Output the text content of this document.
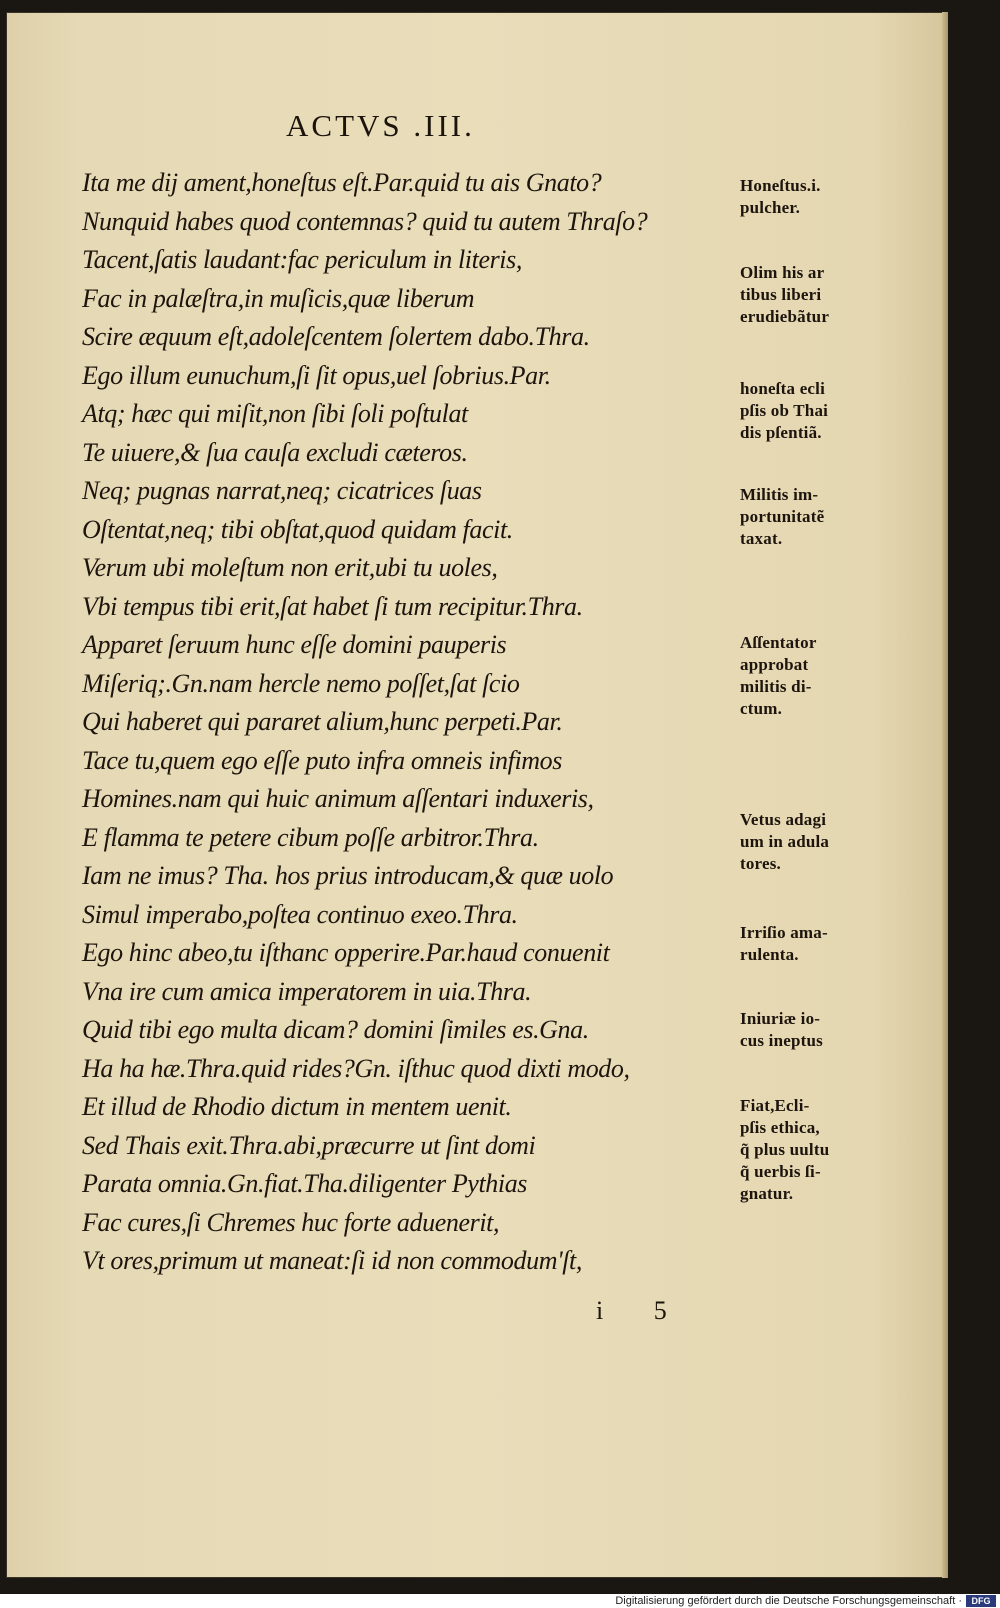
ACTVS .III.
Ita me dij ament,honeſtus eſt.Par.quid tu ais Gnato?
Nunquid habes quod contemnas? quid tu autem Thraſo?
Tacent,ſatis laudant:fac periculum in literis,
Fac in palæſtra,in muſicis,quæ liberum
Scire æquum eſt,adoleſcentem ſolertem dabo.Thra.
Ego illum eunuchum,ſi ſit opus,uel ſobrius.Par.
Atq; hæc qui miſit,non ſibi ſoli poſtulat
Te uiuere,& ſua cauſa excludi cæteros.
Neq; pugnas narrat,neq; cicatrices ſuas
Oſtentat,neq; tibi obſtat,quod quidam facit.
Verum ubi moleſtum non erit,ubi tu uoles,
Vbi tempus tibi erit,ſat habet ſi tum recipitur.Thra.
Apparet ſeruum hunc eſſe domini pauperis
Miſeriq;.Gn.nam hercle nemo poſſet,ſat ſcio
Qui haberet qui pararet alium,hunc perpeti.Par.
Tace tu,quem ego eſſe puto infra omneis infimos
Homines.nam qui huic animum aſſentari induxeris,
E flamma te petere cibum poſſe arbitror.Thra.
Iam ne imus? Tha. hos prius introducam,& quæ uolo
Simul imperabo,poſtea continuo exeo.Thra.
Ego hinc abeo,tu iſthanc opperire.Par.haud conuenit
Vna ire cum amica imperatorem in uia.Thra.
Quid tibi ego multa dicam? domini ſimiles es.Gna.
Ha ha hæ.Thra.quid rides?Gn. iſthuc quod dixti modo,
Et illud de Rhodio dictum in mentem uenit.
Sed Thais exit.Thra.abi,præcurre ut ſint domi
Parata omnia.Gn.fiat.Tha.diligenter Pythias
Fac cures,ſi Chremes huc forte aduenerit,
Vt ores,primum ut maneat:ſi id non commodum'ſt,
Honeſtus.i.
pulcher.
Olim his ar
tibus liberi
erudiebãtur
honeſta ecli
pſis ob Thai
dis pſentiã.
Militis im-
portunitatẽ
taxat.
Aſſentator
approbat
militis di-
ctum.
Vetus adagi
um in adula
tores.
Irriſio ama-
rulenta.
Iniuriæ io-
cus ineptus
Fiat,Ecli-
pſis ethica,
q̃ plus uultu
q̃ uerbis ſi-
gnatur.
i 5
Digitalisierung gefördert durch die Deutsche Forschungsgemeinschaft ·	DFG
